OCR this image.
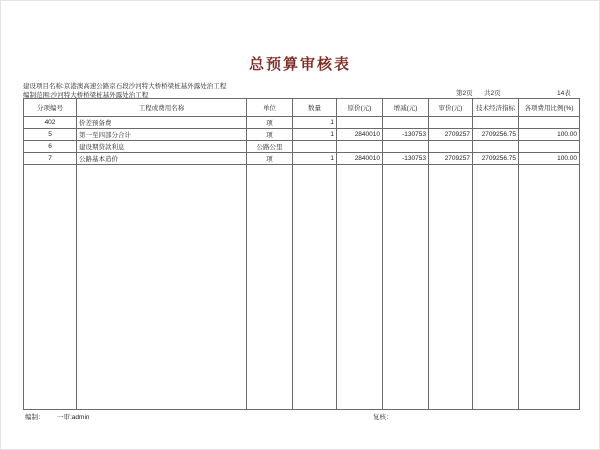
总预算审核表
建设项目名称:京港澳高速公路京石段沙河特大桥桥梁桩基外露处治工程
编制范围:沙河特大桥桥梁桩基外露处治工程	第2页 共2页	14表
分项编号	工程或费用名称	单位	数量	原价(元)	增减(元)	审价(元)	技术经济指标	各项费用比例(%)
402	价差预备费	项	1					
5	第一至四部分合计	项	1	2840010	-130753	2709257	2709256.75	100.00
6	建设期贷款利息	公路公里						
7	公路基本造价	项	1	2840010	-130753	2709257	2709256.75	100.00

编制： 一审:admin	复核：
